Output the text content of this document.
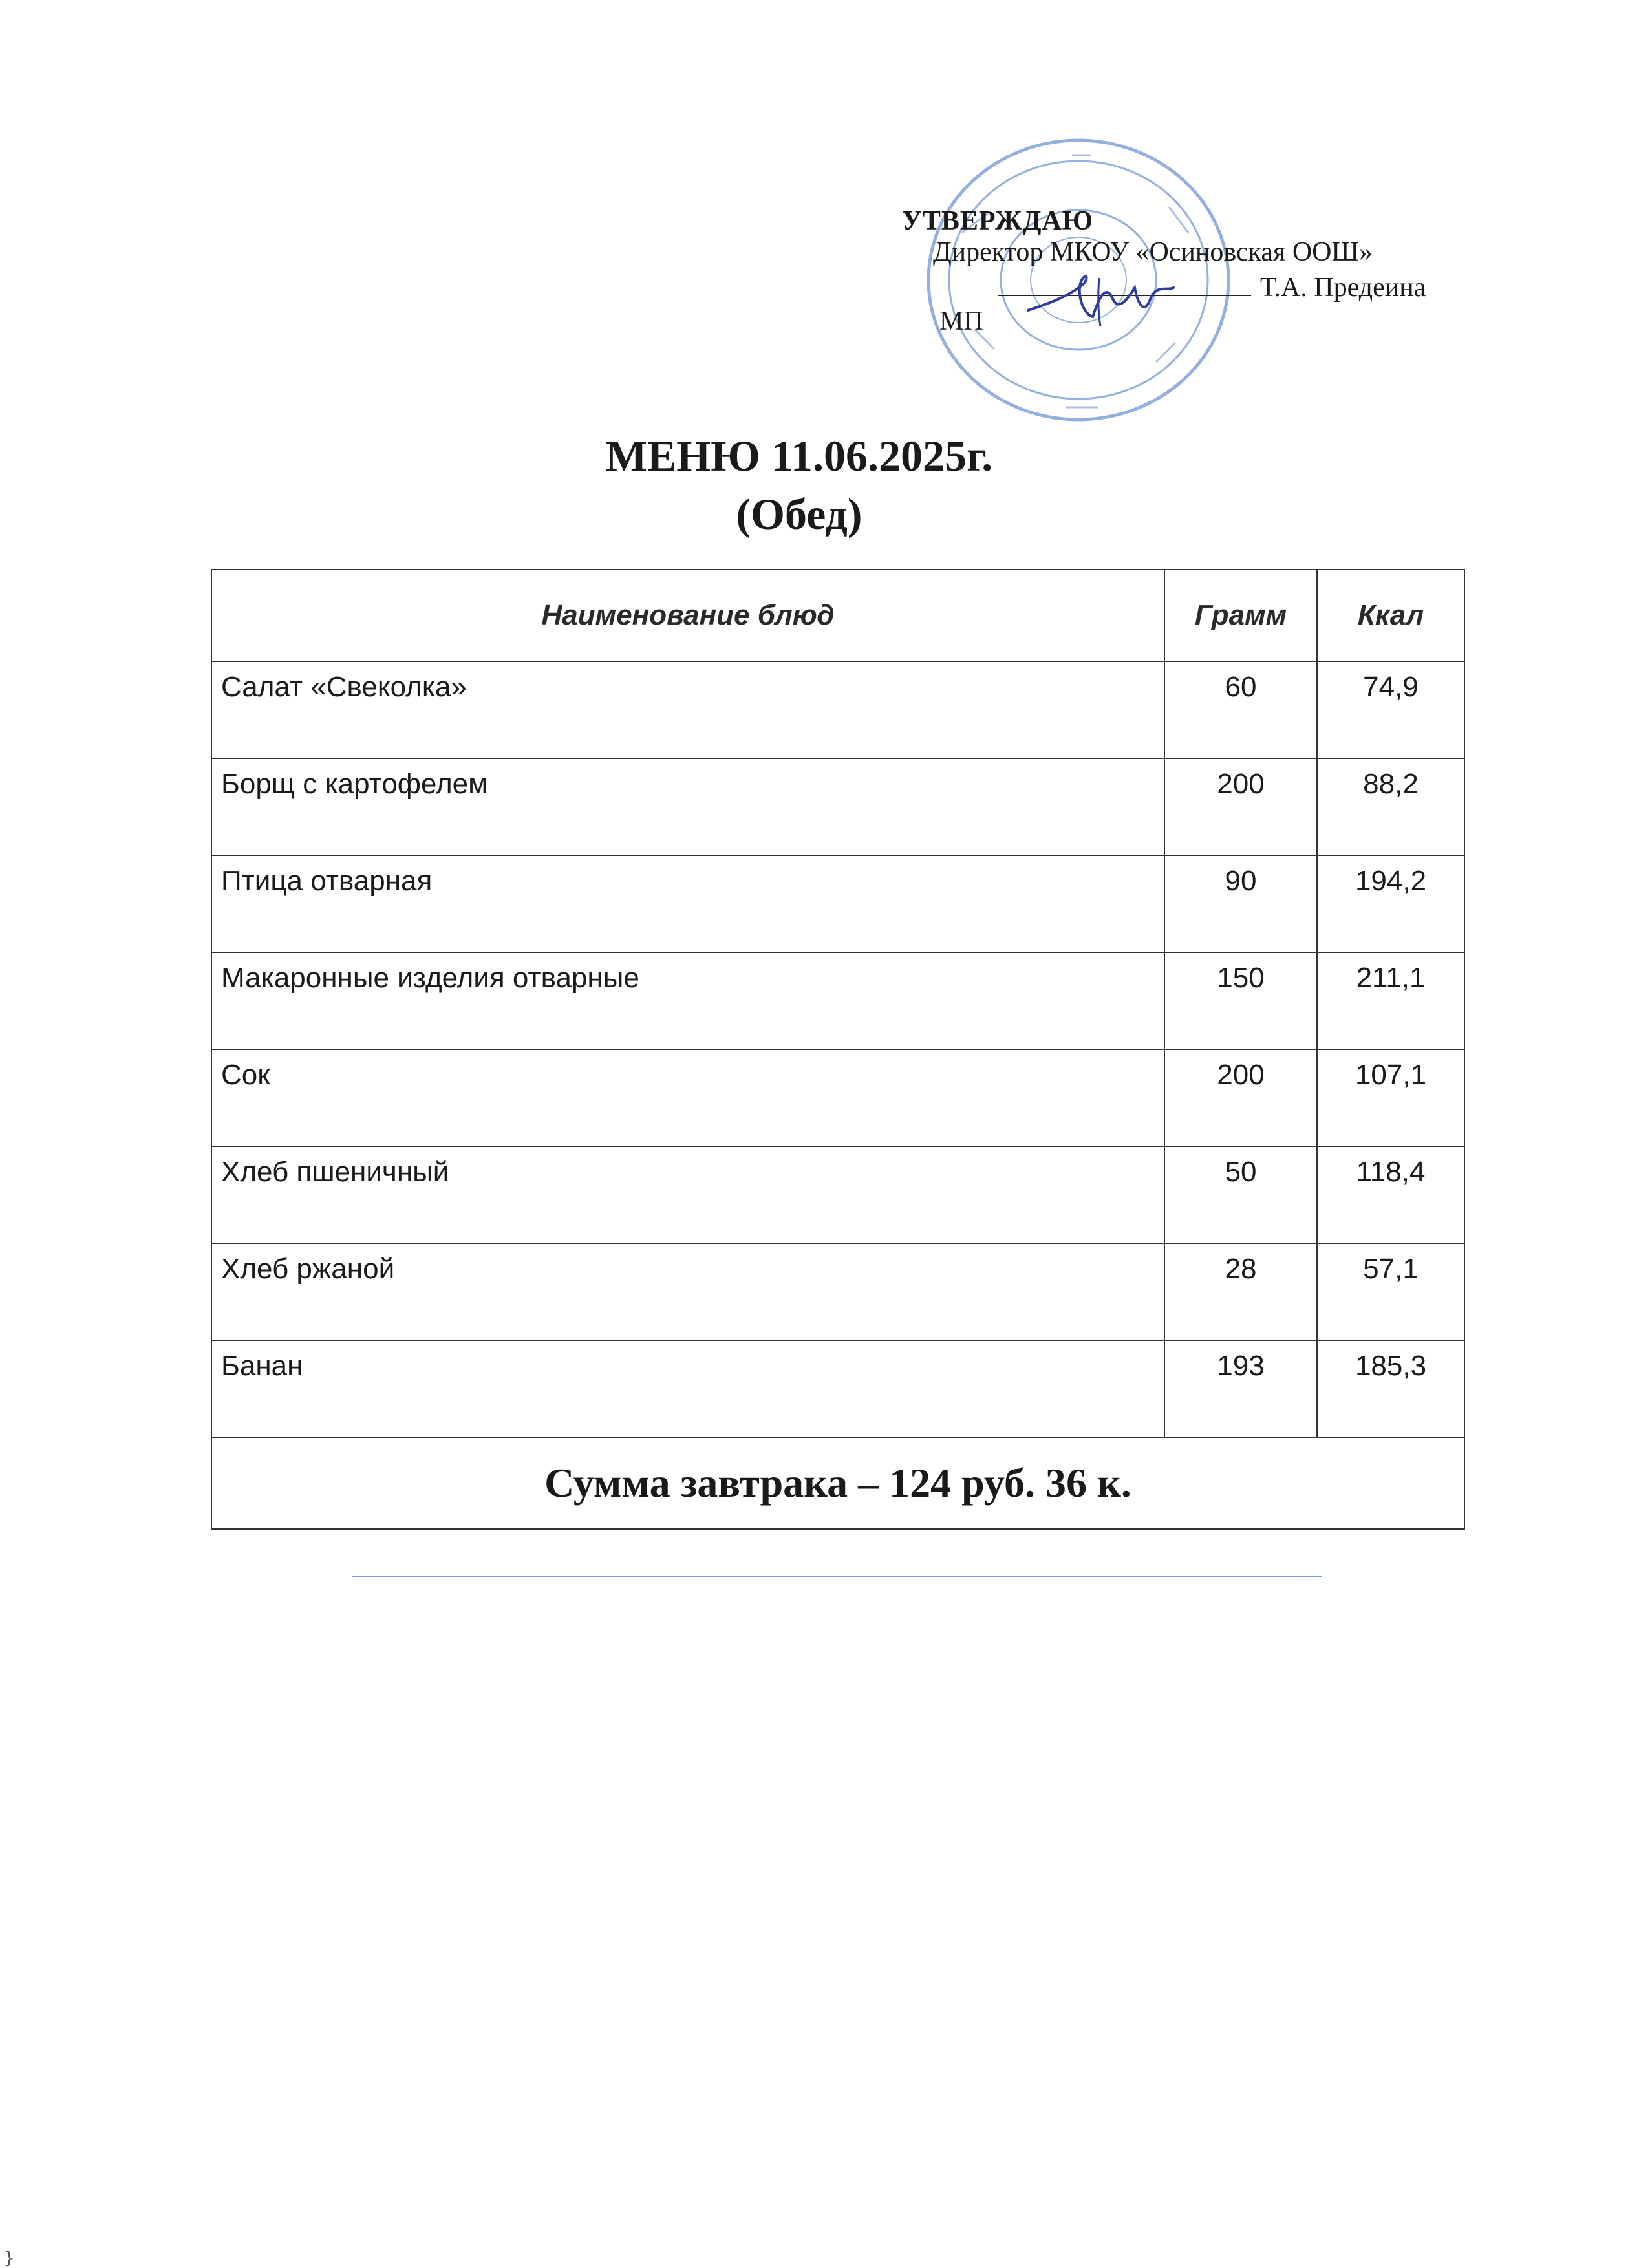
УТВЕРЖДАЮ
Директор МКОУ «Осиновская ООШ»
Т.А. Предеина
МП
МЕНЮ 11.06.2025г.
(Обед)
Наименование блюд	Грамм	Ккал
Салат «Свеколка»	60	74,9
Борщ с картофелем	200	88,2
Птица отварная	90	194,2
Макаронные изделия отварные	150	211,1
Сок	200	107,1
Хлеб пшеничный	50	118,4
Хлеб ржаной	28	57,1
Банан	193	185,3
Сумма завтрака – 124 руб. 36 к.		
}
